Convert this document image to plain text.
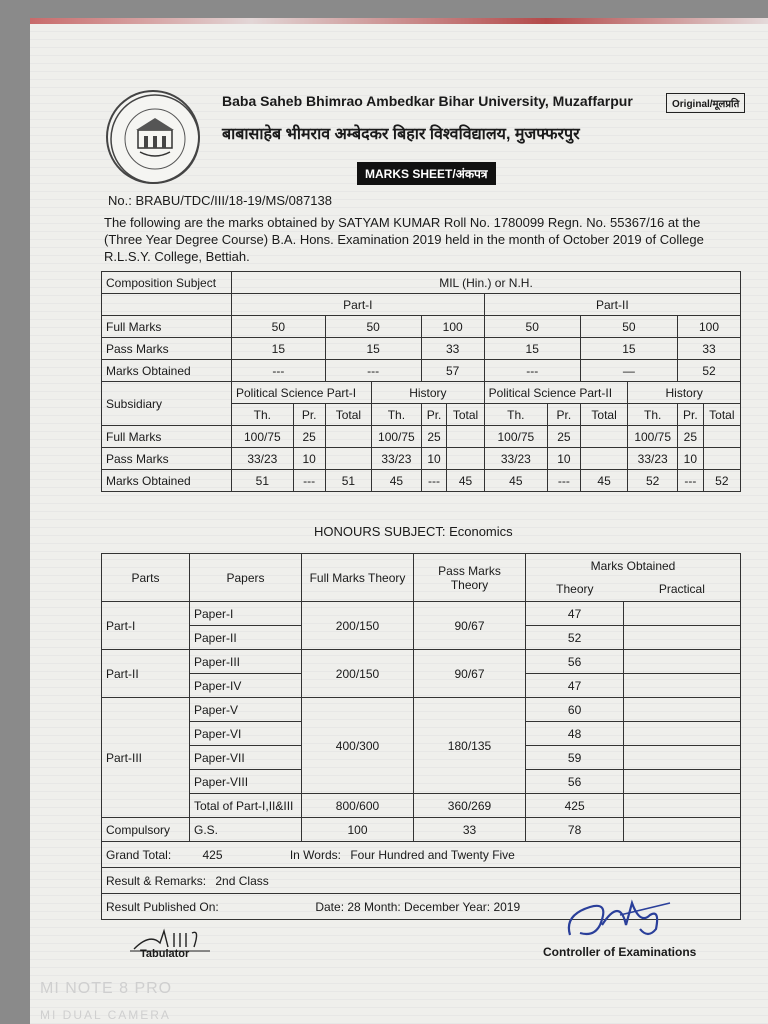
Baba Saheb Bhimrao Ambedkar Bihar University, Muzaffarpur	Original/मूलप्रति
बाबासाहेब भीमराव अम्बेदकर बिहार विश्वविद्यालय, मुजफ्फरपुर
MARKS SHEET/अंकपत्र
No.: BRABU/TDC/III/18-19/MS/087138
The following are the marks obtained by SATYAM KUMAR Roll No. 1780099 Regn. No. 55367/16 at the (Three Year Degree Course) B.A. Hons. Examination 2019 held in the month of October 2019 of College R.L.S.Y. College, Bettiah.
Composition Subject	MIL (Hin.) or N.H.											
	Part-I						Part-II					
Full Marks	50		50		100		50		50		100	
Pass Marks	15		15		33		15		15		33	
Marks Obtained	---		---		57		---		—		52	
Subsidiary	Political Science Part-I			History			Political Science Part-II			History		
	Th.	Pr.	Total	Th.	Pr.	Total	Th.	Pr.	Total	Th.	Pr.	Total
Full Marks	100/75	25		100/75	25		100/75	25		100/75	25	
Pass Marks	33/23	10		33/23	10		33/23	10		33/23	10	
Marks Obtained	51	---	51	45	---	45	45	---	45	52	---	52
HONOURS SUBJECT: Economics
Parts	Papers	Full Marks Theory	Pass Marks Theory	Marks Obtained	
				Theory	Practical
Part-I	Paper-I	200/150	90/67	47	
	Paper-II			52	
Part-II	Paper-III	200/150	90/67	56	
	Paper-IV			47	
Part-III	Paper-V	400/300	180/135	60	
	Paper-VI			48	
	Paper-VII			59	
	Paper-VIII			56	
	Total of Part-I,II&III	800/600	360/269	425	
Compulsory	G.S.	100	33	78	
Grand Total: 425 In Words: Four Hundred and Twenty Five					
Result & Remarks: 2nd Class					
Result Published On: Date: 28 Month: December Year: 2019					
Tabulator	Controller of Examinations
MI NOTE 8 PRO
MI DUAL CAMERA
